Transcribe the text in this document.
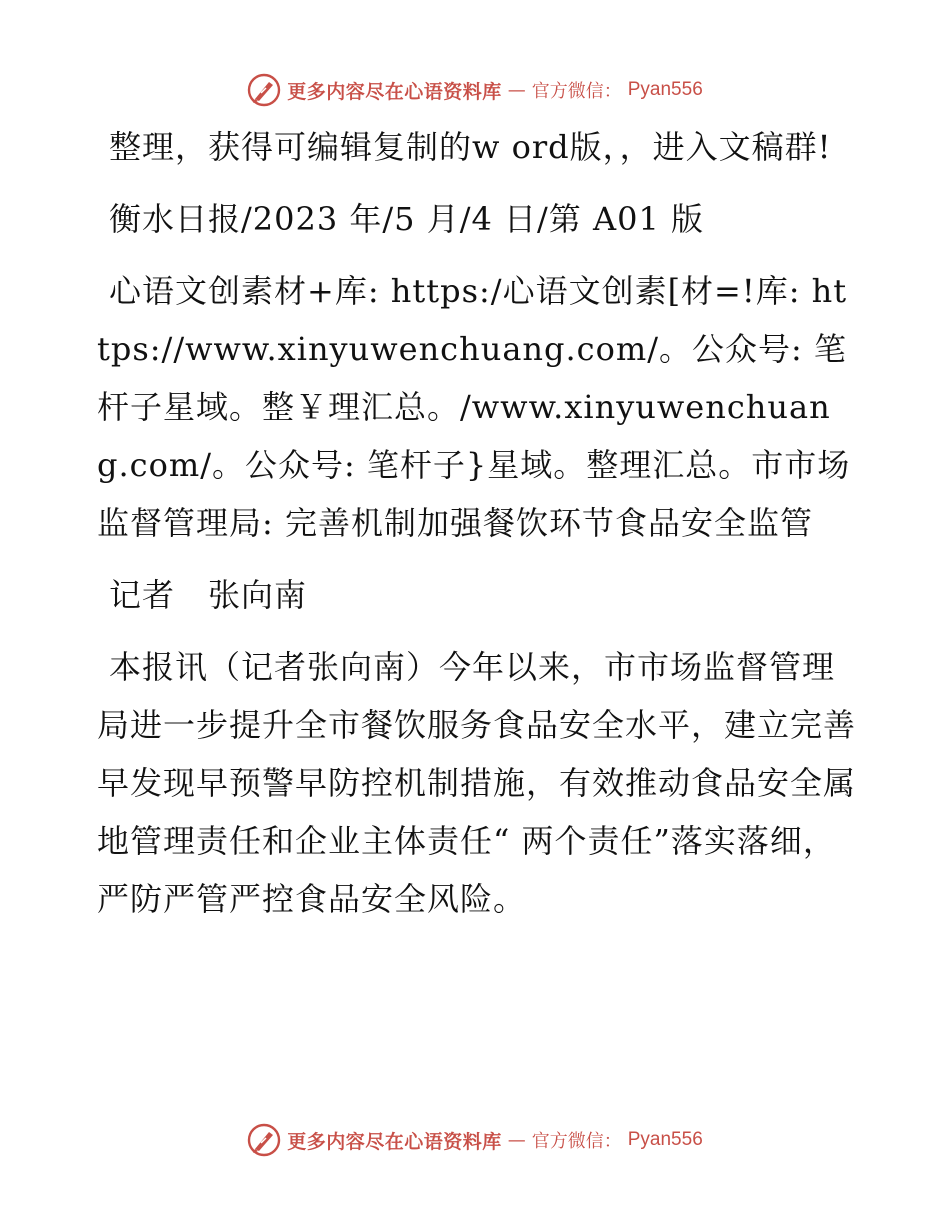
更多内容尽在心语资料库 — 官方微信： Pyan556

整理，获得可编辑复制的w ord版，，进入文稿群!

衡水日报/2023 年/5 月/4 日/第 A01 版

心语文创素材+库: https:/心语文创素[材=!库: https://www.xinyuwenchuang.com/。公众号: 笔杆子星域。整￥理汇总。/www.xinyuwenchuang.com/。公众号: 笔杆子}星域。整理汇总。市市场监督管理局: 完善机制加强餐饮环节食品安全监管

记者　张向南

本报讯（记者张向南）今年以来，市市场监督管理局进一步提升全市餐饮服务食品安全水平，建立完善早发现早预警早防控机制措施，有效推动食品安全属地管理责任和企业主体责任“ 两个责任”落实落细，严防严管严控食品安全风险。

更多内容尽在心语资料库 — 官方微信： Pyan556
